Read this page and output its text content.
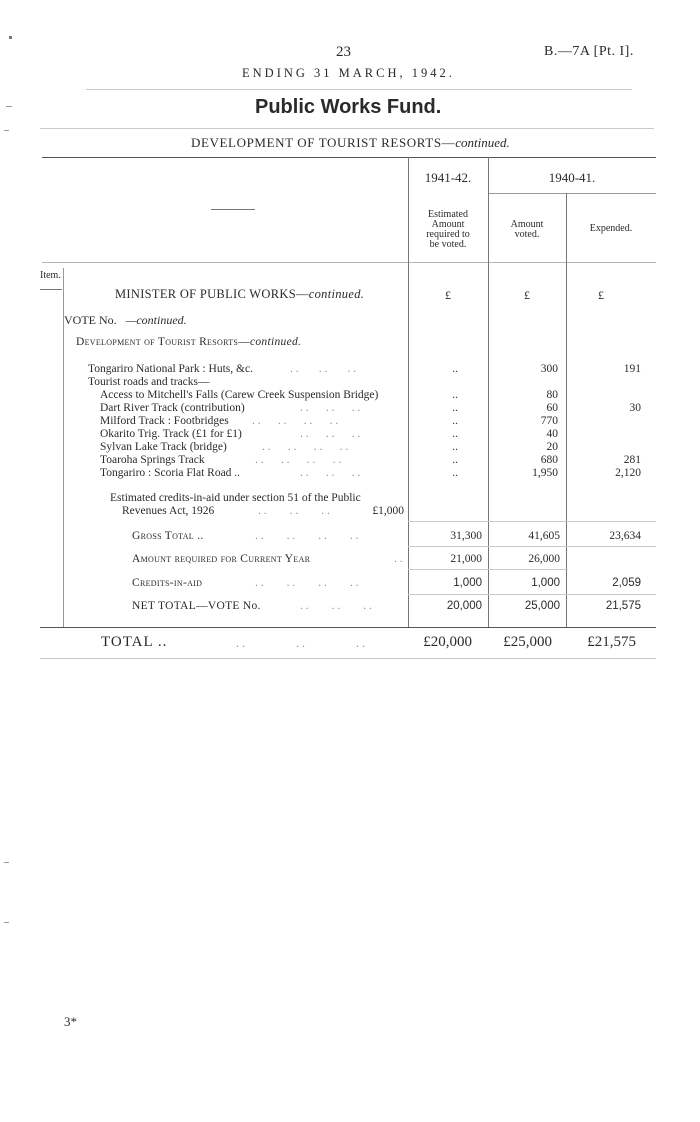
23	B.—7A [Pt. I].
ENDING 31 MARCH, 1942.
Public Works Fund.
DEVELOPMENT OF TOURIST RESORTS—continued.
1941-42.	1940-41.
Estimated
Amount
required to
be voted.
Amount
voted.
Expended.
Item.
MINISTER OF PUBLIC WORKS—continued.	£	£	£
VOTE No. —continued.
Development of Tourist Resorts—continued.
Tongariro National Park : Huts, &c.	. .       . .       . .	..	300	191
Tourist roads and tracks—
Access to Mitchell's Falls (Carew Creek Suspension Bridge)	..	80
Dart River Track (contribution)	. .      . .      . .	..	60	30
Milford Track : Footbridges . .      . .      . .      . .	..	770
Okarito Trig. Track (£1 for £1)	. .      . .      . .	..	40
Sylvan Lake Track (bridge)	. .      . .      . .      . .	..	20
Toaroha Springs Track	. .      . .      . .      . .	..	680	281
Tongariro : Scoria Flat Road ..	. .      . .      . .	..	1,950	2,120
Estimated credits-in-aid under section 51 of the Public
Revenues Act, 1926	. .        . .        . .	£1,000
Gross Total ..	. .        . .        . .        . .	31,300	41,605	23,634
Amount required for Current Year	. .	21,000	26,000
Credits-in-aid	. .        . .        . .        . .	1,000	1,000	2,059
NET TOTAL—VOTE No.	. .        . .        . .	20,000	25,000	21,575
TOTAL ..	. .                 . .                 . .	£20,000	£25,000	£21,575
3*
